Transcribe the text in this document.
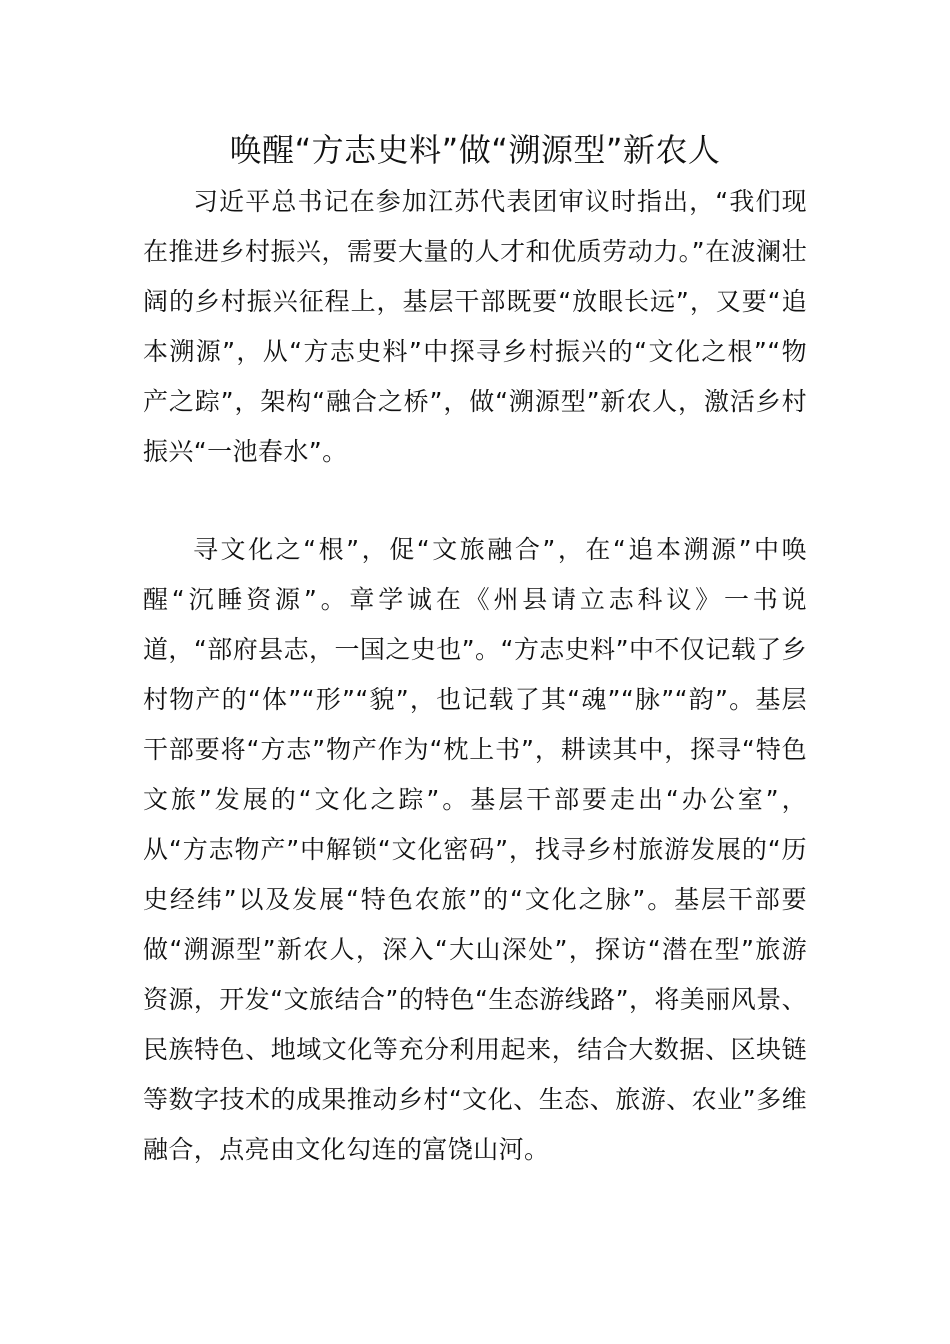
唤醒“方志史料”做“溯源型”新农人

习近平总书记在参加江苏代表团审议时指出，“我们现在推进乡村振兴，需要大量的人才和优质劳动力。”在波澜壮阔的乡村振兴征程上，基层干部既要“放眼长远”，又要“追本溯源”，从“方志史料”中探寻乡村振兴的“文化之根”“物产之踪”，架构“融合之桥”，做“溯源型”新农人，激活乡村振兴“一池春水”。

寻文化之“根”，促“文旅融合”，在“追本溯源”中唤醒“沉睡资源”。章学诚在《州县请立志科议》一书说道，“部府县志，一国之史也”。“方志史料”中不仅记载了乡村物产的“体”“形”“貌”，也记载了其“魂”“脉”“韵”。基层干部要将“方志”物产作为“枕上书”，耕读其中，探寻“特色文旅”发展的“文化之踪”。基层干部要走出“办公室”，从“方志物产”中解锁“文化密码”，找寻乡村旅游发展的“历史经纬”以及发展“特色农旅”的“文化之脉”。基层干部要做“溯源型”新农人，深入“大山深处”，探访“潜在型”旅游资源，开发“文旅结合”的特色“生态游线路”，将美丽风景、民族特色、地域文化等充分利用起来，结合大数据、区块链等数字技术的成果推动乡村“文化、生态、旅游、农业”多维融合，点亮由文化勾连的富饶山河。
